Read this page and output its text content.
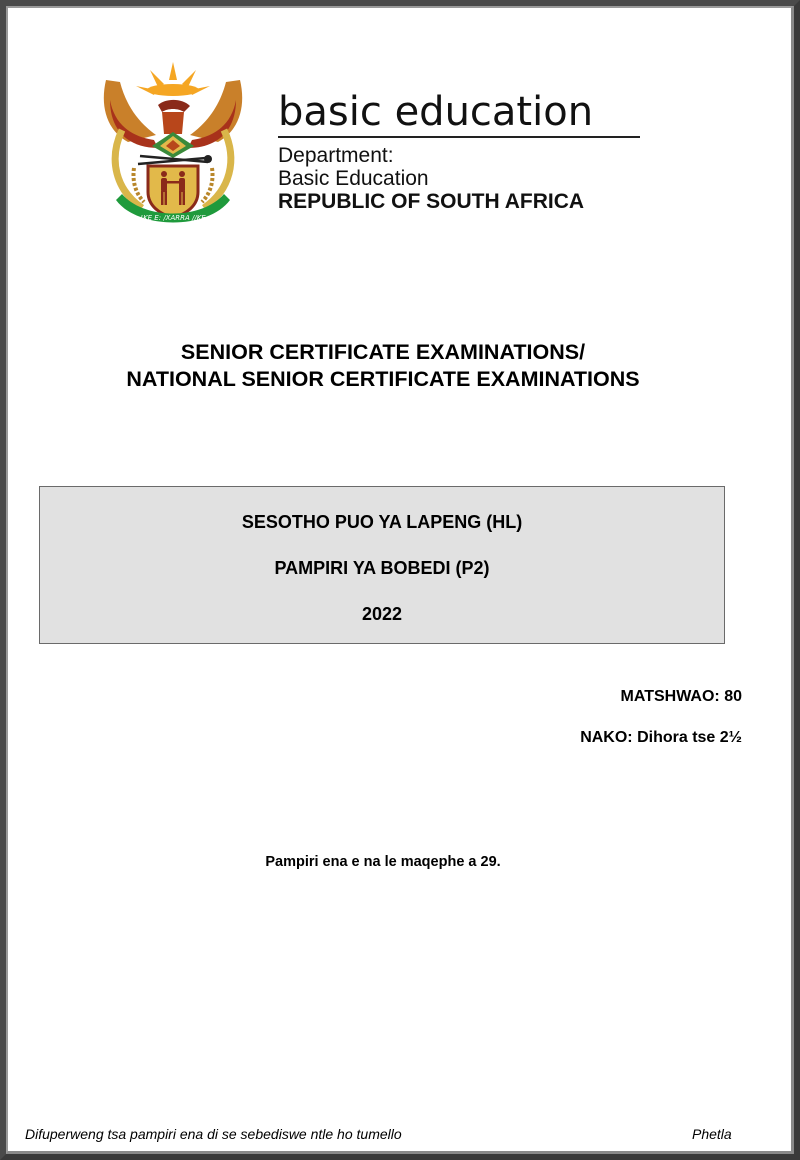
!KE E: /XARRA //KE
basic education
Department:
Basic Education
REPUBLIC OF SOUTH AFRICA
SENIOR CERTIFICATE EXAMINATIONS/
NATIONAL SENIOR CERTIFICATE EXAMINATIONS
SESOTHO PUO YA LAPENG (HL)
PAMPIRI YA BOBEDI (P2)
2022
MATSHWAO: 80
NAKO: Dihora tse 2½
Pampiri ena e na le maqephe a 29.
Difuperweng tsa pampiri ena di se sebediswe ntle ho tumello	Phetla
